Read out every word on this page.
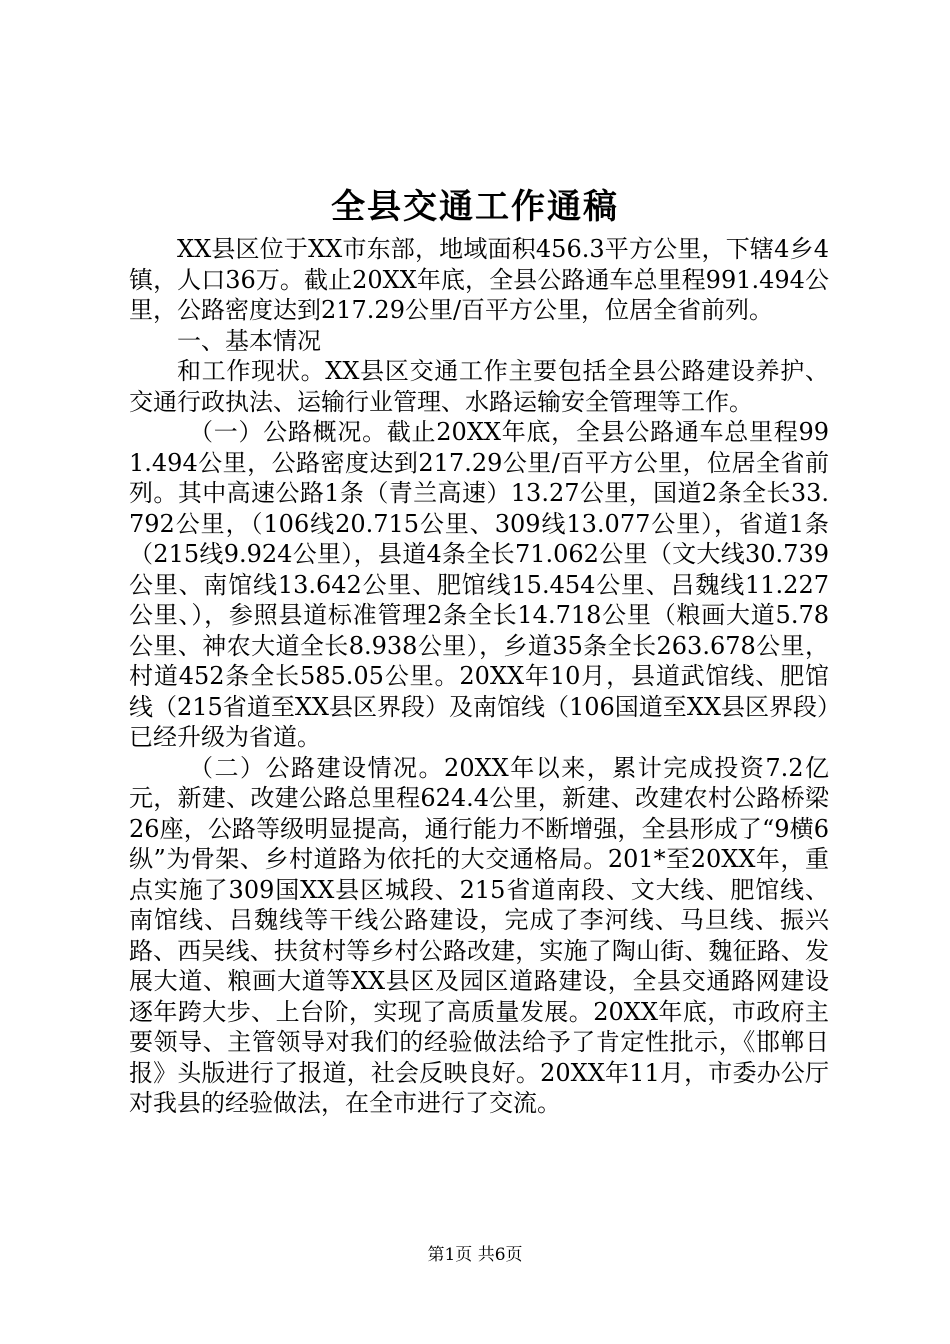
全县交通工作通稿

XX县区位于XX市东部，地域面积456.3平方公里，下辖4乡4镇，人口36万。截止20XX年底，全县公路通车总里程991.494公里，公路密度达到217.29公里/百平方公里，位居全省前列。

一、基本情况

和工作现状。XX县区交通工作主要包括全县公路建设养护、交通行政执法、运输行业管理、水路运输安全管理等工作。

（一）公路概况。截止20XX年底，全县公路通车总里程991.494公里，公路密度达到217.29公里/百平方公里，位居全省前列。其中高速公路1条（青兰高速）13.27公里，国道2条全长33.792公里，（106线20.715公里、309线13.077公里），省道1条（215线9.924公里），县道4条全长71.062公里（文大线30.739公里、南馆线13.642公里、肥馆线15.454公里、吕魏线11.227公里、），参照县道标准管理2条全长14.718公里（粮画大道5.78公里、神农大道全长8.938公里），乡道35条全长263.678公里，村道452条全长585.05公里。20XX年10月，县道武馆线、肥馆线（215省道至XX县区界段）及南馆线（106国道至XX县区界段）已经升级为省道。

（二）公路建设情况。20XX年以来，累计完成投资7.2亿元，新建、改建公路总里程624.4公里，新建、改建农村公路桥梁26座，公路等级明显提高，通行能力不断增强，全县形成了“9横6纵”为骨架、乡村道路为依托的大交通格局。201*至20XX年，重点实施了309国XX县区城段、215省道南段、文大线、肥馆线、南馆线、吕魏线等干线公路建设，完成了李河线、马旦线、振兴路、西吴线、扶贫村等乡村公路改建，实施了陶山街、魏征路、发展大道、粮画大道等XX县区及园区道路建设，全县交通路网建设逐年跨大步、上台阶，实现了高质量发展。20XX年底，市政府主要领导、主管领导对我们的经验做法给予了肯定性批示，《邯郸日报》头版进行了报道，社会反映良好。20XX年11月，市委办公厅对我县的经验做法，在全市进行了交流。

第1页 共6页
